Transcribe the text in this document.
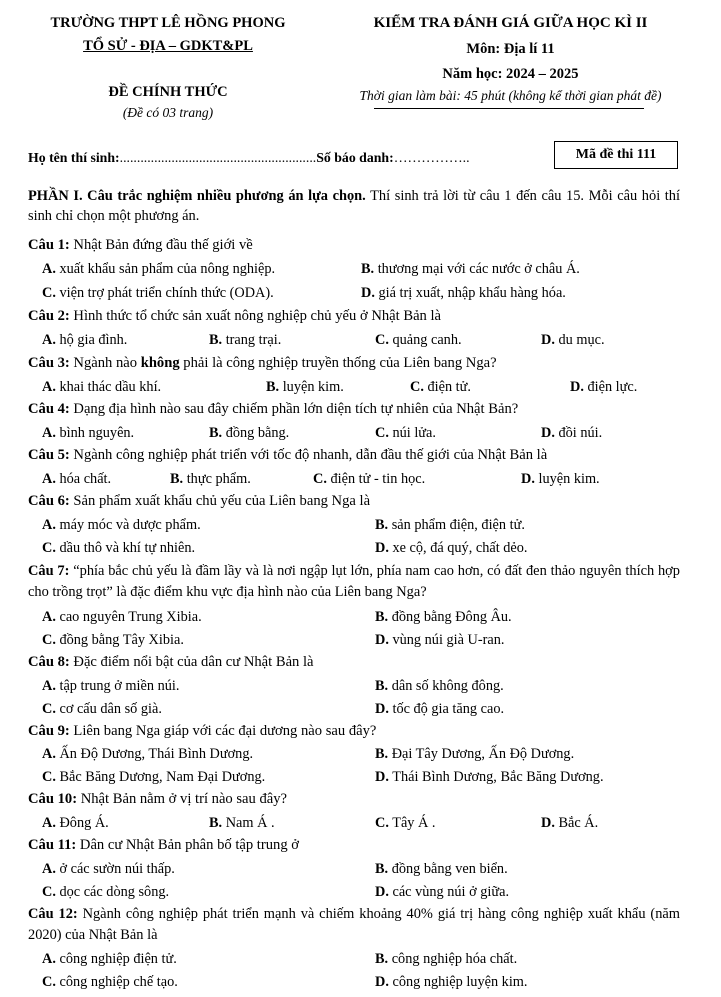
TRƯỜNG THPT LÊ HỒNG PHONG
TỔ SỬ - ĐỊA – GDKT&PL
ĐỀ CHÍNH THỨC
(Đề có 03 trang)
KIỂM TRA ĐÁNH GIÁ GIỮA HỌC KÌ II
Môn: Địa lí 11
Năm học: 2024 – 2025
Thời gian làm bài: 45 phút (không kể thời gian phát đề)
Họ tên thí sinh:.........................................................Số báo danh:……………..	Mã đề thi 111
PHẦN I. Câu trắc nghiệm nhiều phương án lựa chọn. Thí sinh trả lời từ câu 1 đến câu 15. Mỗi câu hỏi thí sinh chỉ chọn một phương án.
Câu 1: Nhật Bản đứng đầu thế giới về
A. xuất khẩu sản phẩm của nông nghiệp.	B. thương mại với các nước ở châu Á.
C. viện trợ phát triển chính thức (ODA).	D. giá trị xuất, nhập khẩu hàng hóa.
Câu 2: Hình thức tổ chức sản xuất nông nghiệp chủ yếu ở Nhật Bản là
A. hộ gia đình.	B. trang trại.	C. quảng canh.	D. du mục.
Câu 3: Ngành nào không phải là công nghiệp truyền thống của Liên bang Nga?
A. khai thác dầu khí.	B. luyện kim.	C. điện tử.	D. điện lực.
Câu 4: Dạng địa hình nào sau đây chiếm phần lớn diện tích tự nhiên của Nhật Bản?
A. bình nguyên.	B. đồng bằng.	C. núi lửa.	D. đồi núi.
Câu 5: Ngành công nghiệp phát triển với tốc độ nhanh, dẫn đầu thế giới của Nhật Bản là
A. hóa chất.	B. thực phẩm.	C. điện tử - tin học.	D. luyện kim.
Câu 6: Sản phẩm xuất khẩu chủ yếu của Liên bang Nga là
A. máy móc và dược phẩm.	B. sản phẩm điện, điện tử.
C. dầu thô và khí tự nhiên.	D. xe cộ, đá quý, chất dẻo.
Câu 7: “phía bắc chủ yếu là đầm lầy và là nơi ngập lụt lớn, phía nam cao hơn, có đất đen thảo nguyên thích hợp cho trồng trọt” là đặc điểm khu vực địa hình nào của Liên bang Nga?
A. cao nguyên Trung Xibia.	B. đồng bằng Đông Âu.
C. đồng bằng Tây Xibia.	D. vùng núi già U-ran.
Câu 8: Đặc điểm nổi bật của dân cư Nhật Bản là
A. tập trung ở miền núi.	B. dân số không đông.
C. cơ cấu dân số già.	D. tốc độ gia tăng cao.
Câu 9: Liên bang Nga giáp với các đại dương nào sau đây?
A. Ấn Độ Dương, Thái Bình Dương.	B. Đại Tây Dương, Ấn Độ Dương.
C. Bắc Băng Dương, Nam Đại Dương.	D. Thái Bình Dương, Bắc Băng Dương.
Câu 10: Nhật Bản nằm ở vị trí nào sau đây?
A. Đông Á.	B. Nam Á .	C. Tây Á .	D. Bắc Á.
Câu 11: Dân cư Nhật Bản phân bố tập trung ở
A. ở các sườn núi thấp.	B. đồng bằng ven biển.
C. dọc các dòng sông.	D. các vùng núi ở giữa.
Câu 12: Ngành công nghiệp phát triển mạnh và chiếm khoảng 40% giá trị hàng công nghiệp xuất khẩu (năm 2020) của Nhật Bản là
A. công nghiệp điện tử.	B. công nghiệp hóa chất.
C. công nghiệp chế tạo.	D. công nghiệp luyện kim.
